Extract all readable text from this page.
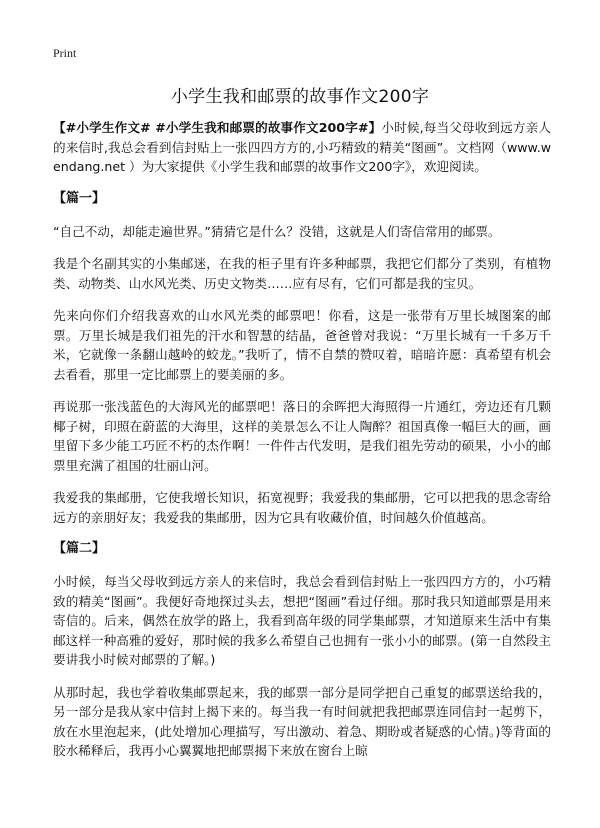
Print
小学生我和邮票的故事作文200字

【#小学生作文# #小学生我和邮票的故事作文200字#】小时候,每当父母收到远方亲人的来信时,我总会看到信封贴上一张四四方方的,小巧精致的精美“图画”。文档网（www.wendang.net ）为大家提供《小学生我和邮票的故事作文200字》，欢迎阅读。

【篇一】

“自己不动，却能走遍世界。”猜猜它是什么？没错，这就是人们寄信常用的邮票。

我是个名副其实的小集邮迷，在我的柜子里有许多种邮票，我把它们都分了类别，有植物类、动物类、山水风光类、历史文物类……应有尽有，它们可都是我的宝贝。

先来向你们介绍我喜欢的山水风光类的邮票吧！你看，这是一张带有万里长城图案的邮票。万里长城是我们祖先的汗水和智慧的结晶，爸爸曾对我说：“万里长城有一千多万千米，它就像一条翻山越岭的蛟龙。”我听了，情不自禁的赞叹着，暗暗许愿：真希望有机会去看看，那里一定比邮票上的要美丽的多。

再说那一张浅蓝色的大海风光的邮票吧！落日的余晖把大海照得一片通红，旁边还有几颗椰子树，印照在蔚蓝的大海里，这样的美景怎么不让人陶醉？祖国真像一幅巨大的画，画里留下多少能工巧匠不朽的杰作啊！一件件古代发明，是我们祖先劳动的硕果，小小的邮票里充满了祖国的壮丽山河。

我爱我的集邮册，它使我增长知识，拓宽视野；我爱我的集邮册，它可以把我的思念寄给远方的亲朋好友；我爱我的集邮册，因为它具有收藏价值，时间越久价值越高。

【篇二】

小时候，每当父母收到远方亲人的来信时，我总会看到信封贴上一张四四方方的，小巧精致的精美“图画”。我便好奇地探过头去，想把“图画”看过仔细。那时我只知道邮票是用来寄信的。后来，偶然在放学的路上，我看到高年级的同学集邮票，才知道原来生活中有集邮这样一种高雅的爱好，那时候的我多么希望自己也拥有一张小小的邮票。(第一自然段主要讲我小时候对邮票的了解。)

从那时起，我也学着收集邮票起来，我的邮票一部分是同学把自己重复的邮票送给我的，另一部分是我从家中信封上揭下来的。每当我一有时间就把我把邮票连同信封一起剪下，放在水里泡起来，(此处增加心理描写，写出激动、着急、期盼或者疑惑的心情。)等背面的胶水稀释后，我再小心翼翼地把邮票揭下来放在窗台上晾
